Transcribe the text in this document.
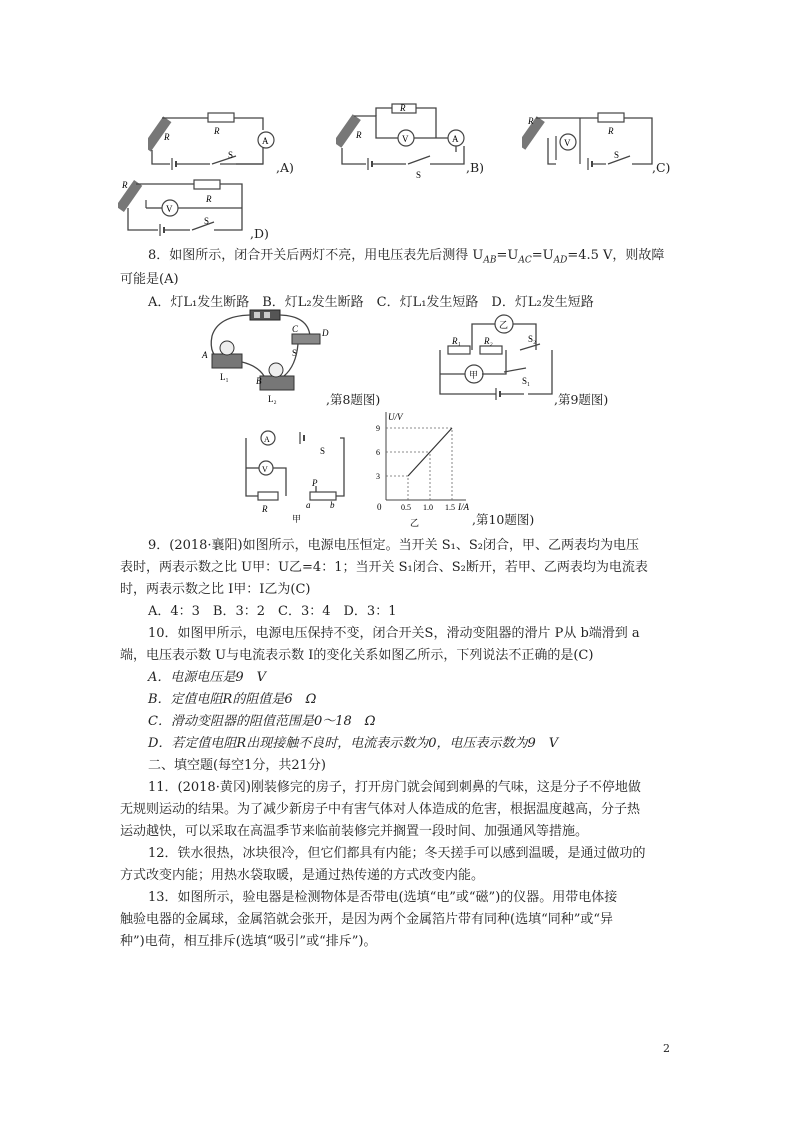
R
R
S
A
,A)
R
R
V	A
S	,B)
R
R
V
S
,C)
R
R
V
S
,D)
8．如图所示，闭合开关后两灯不亮，用电压表先后测得 $U_{AB}=U_{AC}=U_{AD}=4.5$ V，则故障
可能是(A)
A．灯L₁发生断路　B．灯L₂发生断路　C．灯L₁发生短路　D．灯L₂发生短路
C	D
S
A
L₁	B
L₂	,第8题图)
R₁	R₂	S₂
S₁
乙
甲
,第9题图)
A
V
S
R
P
a b
甲
I/A
U/V
0 0.5 1.0 1.5
3
6
9
乙	,第10题图)
9．(2018·襄阳)如图所示，电源电压恒定。当开关 S₁、S₂闭合，甲、乙两表均为电压
表时，两表示数之比 U甲：U乙=4：1；当开关 S₁闭合、S₂断开，若甲、乙两表均为电流表
时，两表示数之比 I甲：I乙为(C)
A．4：3　B．3：2　C．3：4　D．3：1
10．如图甲所示，电源电压保持不变，闭合开关S，滑动变阻器的滑片 P从 b端滑到 a
端，电压表示数 U与电流表示数 I的变化关系如图乙所示，下列说法不正确的是(C)
A．电源电压是9　V
B．定值电阻R的阻值是6　Ω
C．滑动变阻器的阻值范围是0～18　Ω
D．若定值电阻R出现接触不良时，电流表示数为0，电压表示数为9　V
二、填空题(每空1分，共21分)
11．(2018·黄冈)刚装修完的房子，打开房门就会闻到刺鼻的气味，这是分子不停地做
无规则运动的结果。为了减少新房子中有害气体对人体造成的危害，根据温度越高，分子热
运动越快，可以采取在高温季节来临前装修完并搁置一段时间、加强通风等措施。
12．铁水很热，冰块很冷，但它们都具有内能；冬天搓手可以感到温暖，是通过做功的
方式改变内能；用热水袋取暖，是通过热传递的方式改变内能。
13．如图所示，验电器是检测物体是否带电(选填“电”或“磁”)的仪器。用带电体接
触验电器的金属球，金属箔就会张开，是因为两个金属箔片带有同种(选填“同种”或“异
种”)电荷，相互排斥(选填“吸引”或“排斥”)。
2
